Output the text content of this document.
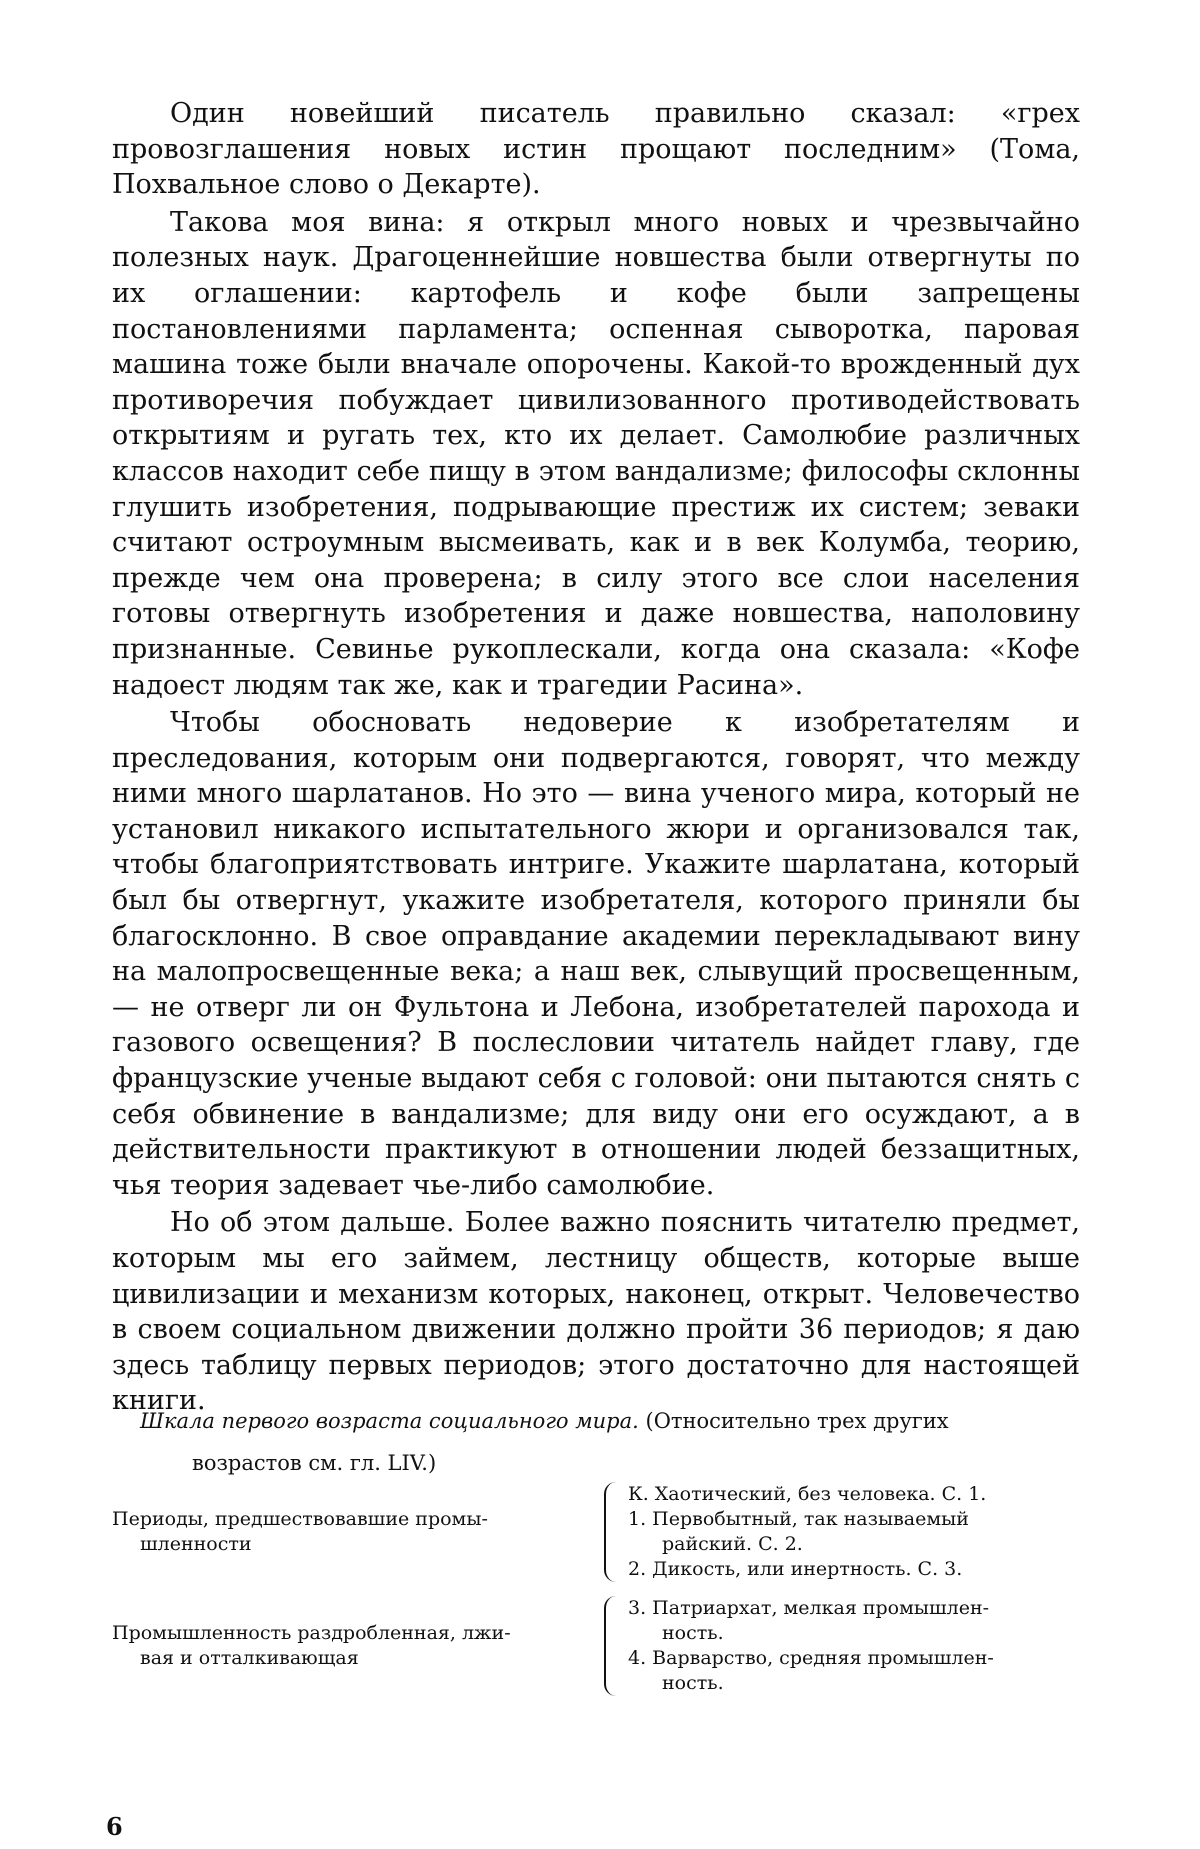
Один новейший писатель правильно сказал: «грех провозглашения новых истин прощают последним» (Тома, Похвальное слово о Декарте).

Такова моя вина: я открыл много новых и чрезвычайно полезных наук. Драгоценнейшие новшества были отвергнуты по их оглашении: картофель и кофе были запрещены постановлениями парламента; оспенная сыворотка, паровая машина тоже были вначале опорочены. Какой-то врожденный дух противоречия побуждает цивилизованного противодействовать открытиям и ругать тех, кто их делает. Самолюбие различных классов находит себе пищу в этом вандализме; философы склонны глушить изобретения, подрывающие престиж их систем; зеваки считают остроумным высмеивать, как и в век Колумба, теорию, прежде чем она проверена; в силу этого все слои населения готовы отвергнуть изобретения и даже новшества, наполовину признанные. Севинье рукоплескали, когда она сказала: «Кофе надоест людям так же, как и трагедии Расина».

Чтобы обосновать недоверие к изобретателям и преследования, которым они подвергаются, говорят, что между ними много шарлатанов. Но это — вина ученого мира, который не установил никакого испытательного жюри и организовался так, чтобы благоприятствовать интриге. Укажите шарлатана, который был бы отвергнут, укажите изобретателя, которого приняли бы благосклонно. В свое оправдание академии перекладывают вину на малопросвещенные века; а наш век, слывущий просвещенным, — не отверг ли он Фультона и Лебона, изобретателей парохода и газового освещения? В послесловии читатель найдет главу, где французские ученые выдают себя с головой: они пытаются снять с себя обвинение в вандализме; для виду они его осуждают, а в действительности практикуют в отношении людей беззащитных, чья теория задевает чье-либо самолюбие.

Но об этом дальше. Более важно пояснить читателю предмет, которым мы его займем, лестницу обществ, которые выше цивилизации и механизм которых, наконец, открыт. Человечество в своем социальном движении должно пройти 36 периодов; я даю здесь таблицу первых периодов; этого достаточно для настоящей книги.

Шкала первого возраста социального мира. (Относительно трех других
возрастов см. гл. LIV.)
Периоды, предшествовавшие промы-
шленности
К. Хаотический, без человека. С. 1.
1. Первобытный, так называемый
райский. С. 2.
2. Дикость, или инертность. С. 3.
Промышленность раздробленная, лжи-
вая и отталкивающая
3. Патриархат, мелкая промышлен-
ность.
4. Варварство, средняя промышлен-
ность.
6
